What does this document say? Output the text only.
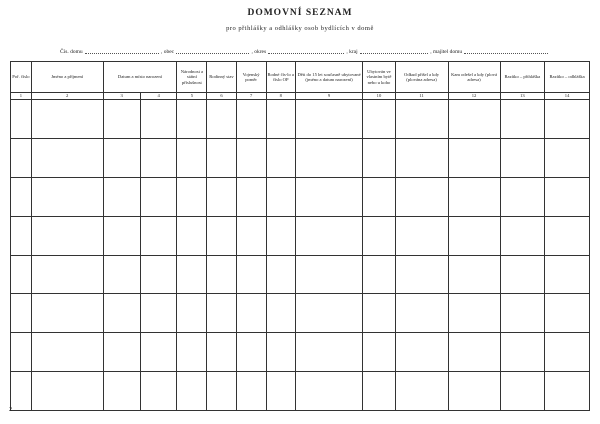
DOMOVNÍ SEZNAM
pro přihlášky a odhlášky osob bydlících v domě
Čís. domu	, obec	, okres	, kraj	, majitel domu
Poř. číslo	Jméno a příjmení	Datum a místo narození		Národnost a státní příslušnost	Rodinný stav	Vojenský poměr	Rodné čís-lo a číslo OP	Děti do 15 let současně ubytované (jméno a datum narození)	Ubytován ve vlastním bytě nebo u koho	Odkud přišel a kdy (plována adresa)	Kam odešel a kdy (plová adresa)	Razítko – přihláška	Razítko – odhláška
1	2	3	4	5	6	7	8	9	10	11	12	13	14

2
